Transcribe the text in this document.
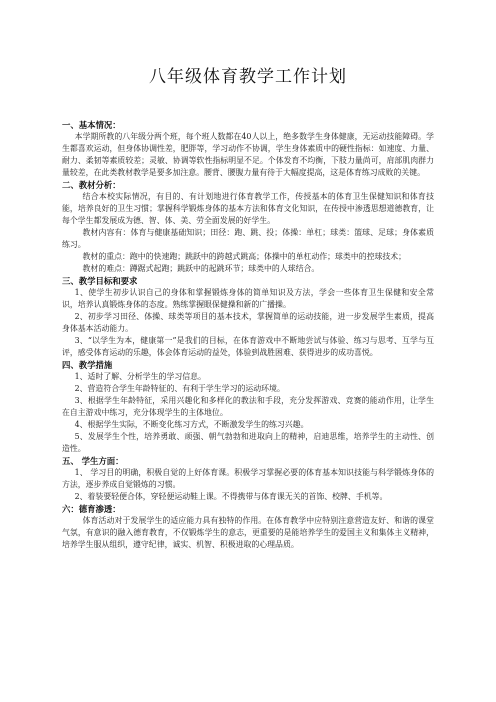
八年级体育教学工作计划

一、基本情况：

本学期所教的八年级分两个班，每个班人数都在40人以上，绝多数学生身体健康，无运动技能障碍。学生都喜欢运动，但身体协调性差，肥胖等，学习动作不协调，学生身体素质中的硬性指标：如速度、力量、耐力、柔韧等素质较差；灵敏、协调等软性指标明显不足。个体发育不均衡，下肢力量尚可，肩部肌肉群力量较差，在此类教材教学是要多加注意。腰背、腰腹力量有待于大幅度提高，这是体育练习成败的关键。

二、教材分析：

结合本校实际情况，有目的、有计划地进行体育教学工作，传授基本的体育卫生保健知识和体育技能，培养良好的卫生习惯；掌握科学锻炼身体的基本方法和体育文化知识，在传授中渗透思想道德教育，让每个学生都发展成为德、智、体、美、劳全面发展的好学生。

教材内容有：体育与健康基础知识；田径：跑、跳、投；体操：单杠；球类：篮球、足球；身体素质练习。

教材的重点：跑中的快速跑；跳跃中的跨越式跳高；体操中的单杠动作；球类中的控球技术；

教材的难点：蹲踞式起跑；跳跃中的起跳环节；球类中的人球结合。

三、教学目标和要求

1、使学生初步认识自己的身体和掌握锻炼身体的简单知识及方法，学会一些体育卫生保健和安全常识，培养认真锻炼身体的态度。熟练掌握眼保健操和新的广播操。

2、初步学习田径、体操、球类等项目的基本技术，掌握简单的运动技能，进一步发展学生素质，提高身体基本活动能力。

3、“以学生为本，健康第一”是我们的目标，在体育游戏中不断地尝试与体验、练习与思考、互学与互评，感受体育运动的乐趣，体会体育运动的益处，体验到战胜困难、获得进步的成功喜悦。

四、教学措施

1、适时了解、分析学生的学习信息。

2、营造符合学生年龄特征的、有利于学生学习的运动环境。

3、根据学生年龄特征，采用兴趣化和多样化的教法和手段，充分发挥游戏、竞赛的能动作用，让学生在自主游戏中练习，充分体现学生的主体地位。

4、根据学生实际，不断变化练习方式，不断激发学生的练习兴趣。

5、发展学生个性，培养勇敢、顽强、朝气勃勃和进取向上的精神，启迪思维，培养学生的主动性、创造性。

五、 学生方面：

1、 学习目的明确，积极自觉的上好体育课。积极学习掌握必要的体育基本知识技能与科学锻炼身体的方法，逐步养成自觉锻炼的习惯。

2、着装要轻便合体，穿轻便运动鞋上课。不得携带与体育课无关的首饰、校牌、手机等。

六：德育渗透：

体育活动对于发展学生的适应能力具有独特的作用。在体育教学中应特别注意营造友好、和谐的课堂气氛，有意识的融入德育教育，不仅锻炼学生的意志，更重要的是能培养学生的爱国主义和集体主义精神，培养学生服从组织，遵守纪律，诚实、机智、积极进取的心理品质。
